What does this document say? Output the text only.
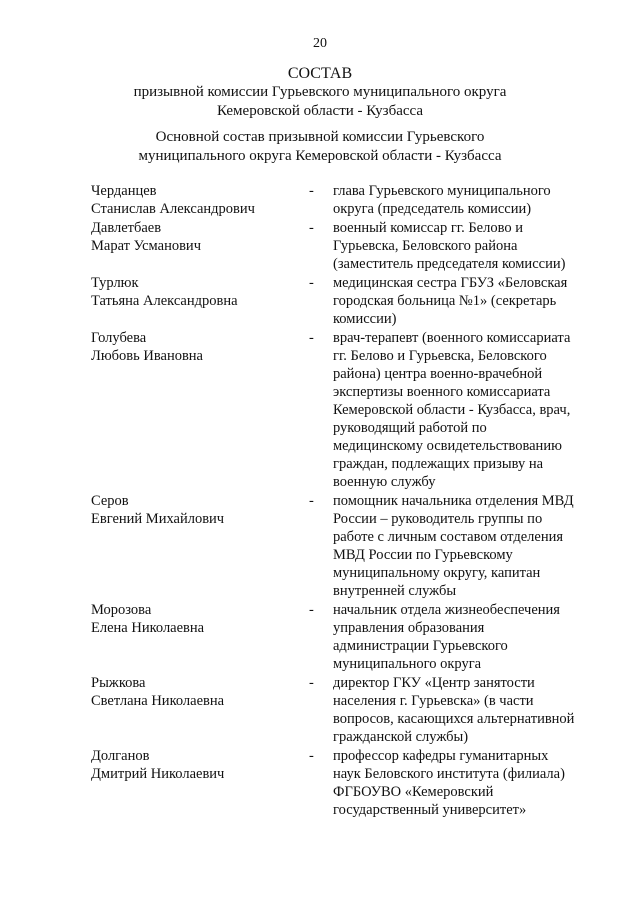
20
СОСТАВ
призывной комиссии Гурьевского муниципального округа
Кемеровской области - Кузбасса
Основной состав призывной комиссии Гурьевского
муниципального округа Кемеровской области - Кузбасса
Черданцев
Станислав Александрович
-	глава Гурьевского муниципального
округа (председатель комиссии)
Давлетбаев
Марат Усманович
-	военный комиссар гг. Белово и
Гурьевска, Беловского района
(заместитель председателя комиссии)
Турлюк
Татьяна Александровна
-	медицинская сестра ГБУЗ «Беловская
городская больница №1» (секретарь
комиссии)
Голубева
Любовь Ивановна
-	врач-терапевт (военного комиссариата
гг. Белово и Гурьевска, Беловского
района) центра военно-врачебной
экспертизы военного комиссариата
Кемеровской области - Кузбасса, врач,
руководящий работой по
медицинскому освидетельствованию
граждан, подлежащих призыву на
военную службу
Серов
Евгений Михайлович
-	помощник начальника отделения МВД
России – руководитель группы по
работе с личным составом отделения
МВД России по Гурьевскому
муниципальному округу, капитан
внутренней службы
Морозова
Елена Николаевна
-	начальник отдела жизнеобеспечения
управления образования
администрации Гурьевского
муниципального округа
Рыжкова
Светлана Николаевна
-	директор ГКУ «Центр занятости
населения г. Гурьевска» (в части
вопросов, касающихся альтернативной
гражданской службы)
Долганов
Дмитрий Николаевич
-	профессор кафедры гуманитарных
наук Беловского института (филиала)
ФГБОУВО «Кемеровский
государственный университет»
